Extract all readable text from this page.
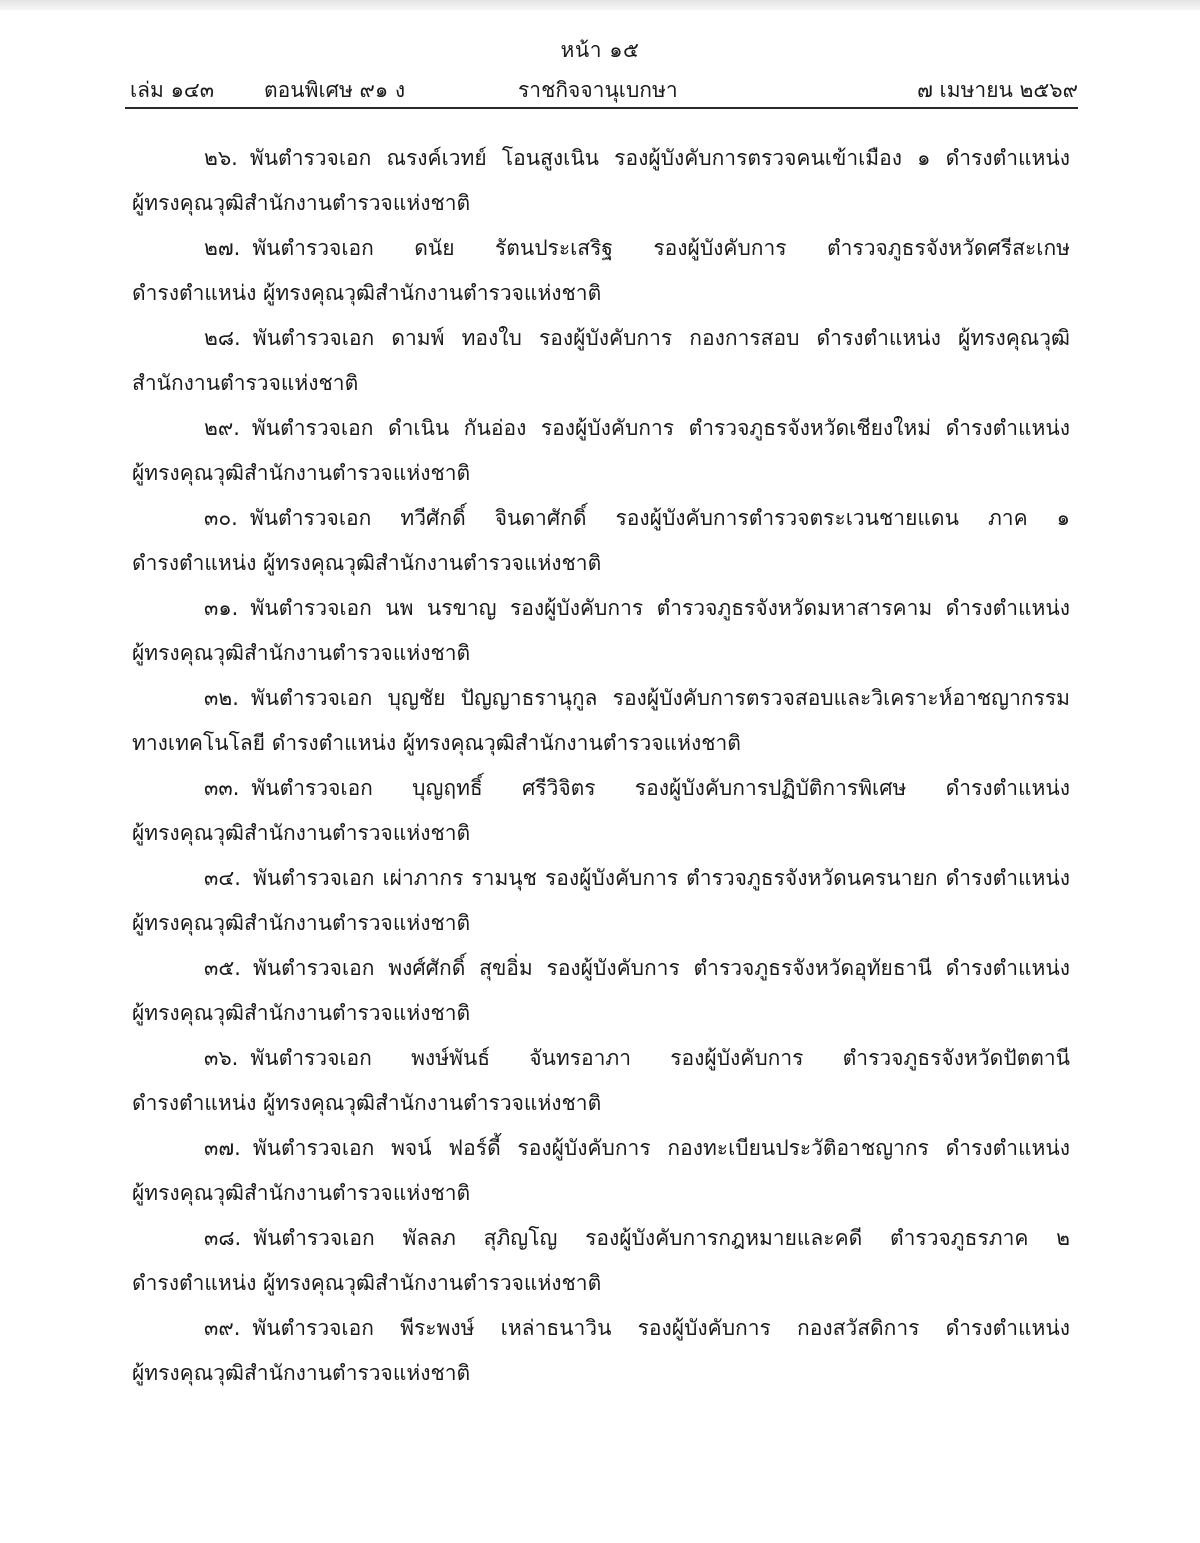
หน้า ๑๕
เล่ม ๑๔๓ ตอนพิเศษ ๙๑ ง	ราชกิจจานุเบกษา	๗ เมษายน ๒๕๖๙
๒๖. พันตำรวจเอก ณรงค์เวทย์ โอนสูงเนิน รองผู้บังคับการตรวจคนเข้าเมือง ๑ ดำรงตำแหน่ง
ผู้ทรงคุณวุฒิสำนักงานตำรวจแห่งชาติ
๒๗. พันตำรวจเอก ดนัย รัตนประเสริฐ รองผู้บังคับการ ตำรวจภูธรจังหวัดศรีสะเกษ
ดำรงตำแหน่ง ผู้ทรงคุณวุฒิสำนักงานตำรวจแห่งชาติ
๒๘. พันตำรวจเอก ดามพ์ ทองใบ รองผู้บังคับการ กองการสอบ ดำรงตำแหน่ง ผู้ทรงคุณวุฒิ
สำนักงานตำรวจแห่งชาติ
๒๙. พันตำรวจเอก ดำเนิน กันอ่อง รองผู้บังคับการ ตำรวจภูธรจังหวัดเชียงใหม่ ดำรงตำแหน่ง
ผู้ทรงคุณวุฒิสำนักงานตำรวจแห่งชาติ
๓๐. พันตำรวจเอก ทวีศักดิ์ จินดาศักดิ์ รองผู้บังคับการตำรวจตระเวนชายแดน ภาค ๑
ดำรงตำแหน่ง ผู้ทรงคุณวุฒิสำนักงานตำรวจแห่งชาติ
๓๑. พันตำรวจเอก นพ นรขาญ รองผู้บังคับการ ตำรวจภูธรจังหวัดมหาสารคาม ดำรงตำแหน่ง
ผู้ทรงคุณวุฒิสำนักงานตำรวจแห่งชาติ
๓๒. พันตำรวจเอก บุญชัย ปัญญาธรานุกูล รองผู้บังคับการตรวจสอบและวิเคราะห์อาชญากรรม
ทางเทคโนโลยี ดำรงตำแหน่ง ผู้ทรงคุณวุฒิสำนักงานตำรวจแห่งชาติ
๓๓. พันตำรวจเอก บุญฤทธิ์ ศรีวิจิตร รองผู้บังคับการปฏิบัติการพิเศษ ดำรงตำแหน่ง
ผู้ทรงคุณวุฒิสำนักงานตำรวจแห่งชาติ
๓๔. พันตำรวจเอก เผ่าภากร รามนุช รองผู้บังคับการ ตำรวจภูธรจังหวัดนครนายก ดำรงตำแหน่ง
ผู้ทรงคุณวุฒิสำนักงานตำรวจแห่งชาติ
๓๕. พันตำรวจเอก พงศ์ศักดิ์ สุขอิ่ม รองผู้บังคับการ ตำรวจภูธรจังหวัดอุทัยธานี ดำรงตำแหน่ง
ผู้ทรงคุณวุฒิสำนักงานตำรวจแห่งชาติ
๓๖. พันตำรวจเอก พงษ์พันธ์ จันทรอาภา รองผู้บังคับการ ตำรวจภูธรจังหวัดปัตตานี
ดำรงตำแหน่ง ผู้ทรงคุณวุฒิสำนักงานตำรวจแห่งชาติ
๓๗. พันตำรวจเอก พจน์ ฟอร์ดี้ รองผู้บังคับการ กองทะเบียนประวัติอาชญากร ดำรงตำแหน่ง
ผู้ทรงคุณวุฒิสำนักงานตำรวจแห่งชาติ
๓๘. พันตำรวจเอก พัลลภ สุภิญโญ รองผู้บังคับการกฎหมายและคดี ตำรวจภูธรภาค ๒
ดำรงตำแหน่ง ผู้ทรงคุณวุฒิสำนักงานตำรวจแห่งชาติ
๓๙. พันตำรวจเอก พีระพงษ์ เหล่าธนาวิน รองผู้บังคับการ กองสวัสดิการ ดำรงตำแหน่ง
ผู้ทรงคุณวุฒิสำนักงานตำรวจแห่งชาติ
